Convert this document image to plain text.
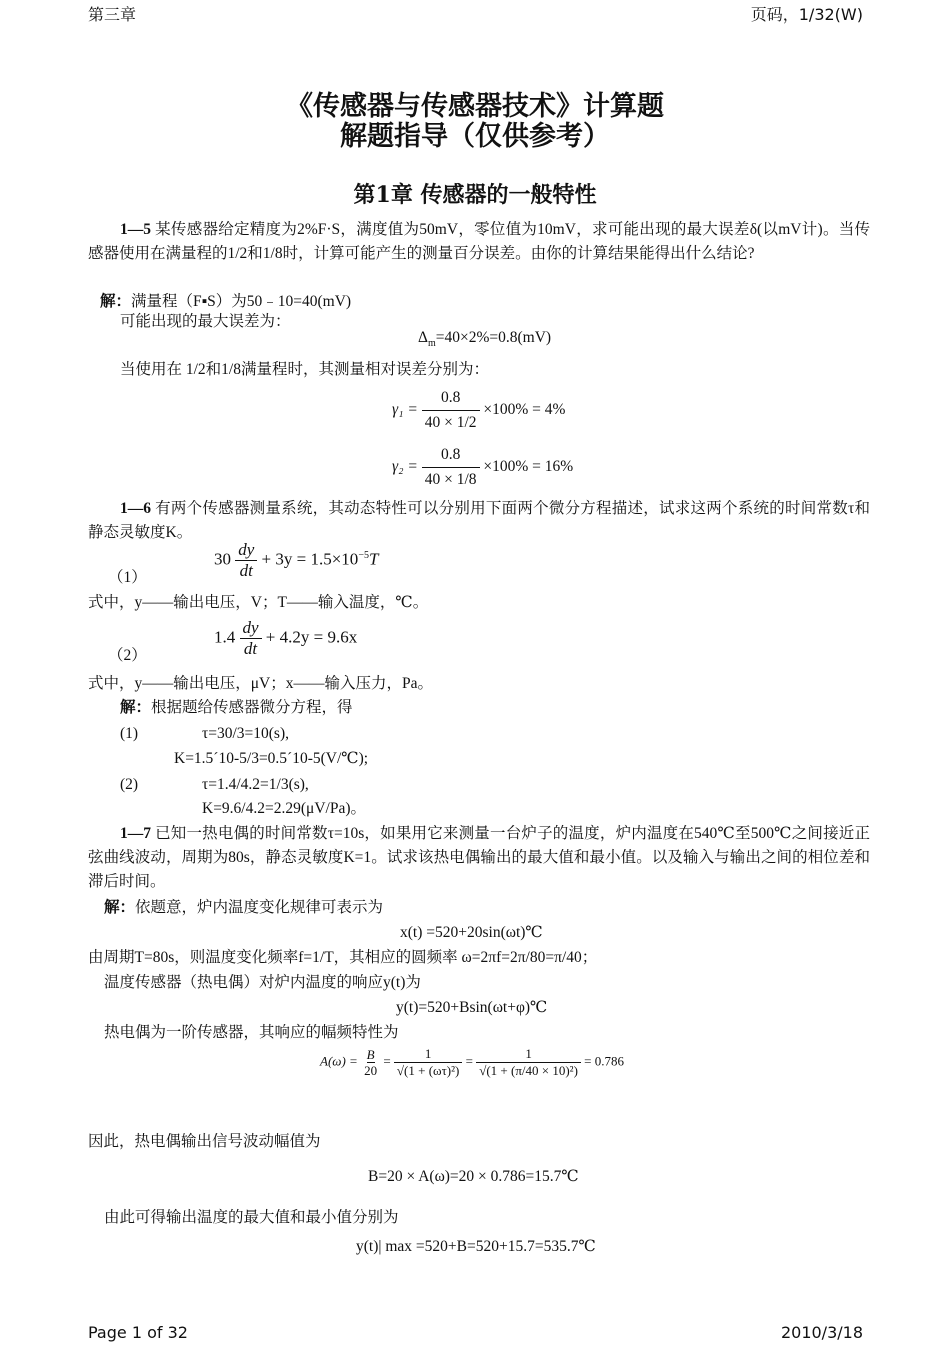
第三章	页码，1/32(W)
《传感器与传感器技术》计算题
解题指导（仅供参考）
第1章 传感器的一般特性
1—5 某传感器给定精度为2%F·S，满度值为50mV，零位值为10mV，求可能出现的最大误差δ(以mV计)。当传感器使用在满量程的1/2和1/8时，计算可能产生的测量百分误差。由你的计算结果能得出什么结论?
解：满量程（F▪S）为50﹣10=40(mV)
可能出现的最大误差为：
$\Delta_m=40\times 2\%=0.8(mV)$
当使用在 1/2和1/8满量程时，其测量相对误差分别为：
$\gamma_1 = \frac{0.8}{40 \times 1/2} \times 100\% = 4\%$
$\gamma_2 = \frac{0.8}{40 \times 1/8} \times 100\% = 16\%$
1—6 有两个传感器测量系统，其动态特性可以分别用下面两个微分方程描述，试求这两个系统的时间常数τ和静态灵敏度K。
（1）
$30 \frac{dy}{dt} + 3y = 1.5\times 10^{-5}T$
式中，y——输出电压，V；T——输入温度，℃。
（2）
$1.4 \frac{dy}{dt} + 4.2y = 9.6x$
式中，y——输出电压，μV；x——输入压力，Pa。
解：根据题给传感器微分方程，得
(1)	τ=30/3=10(s),
K=1.5´10-5/3=0.5´10-5(V/℃);
(2)	τ=1.4/4.2=1/3(s),
K=9.6/4.2=2.29(μV/Pa)。
1—7 已知一热电偶的时间常数τ=10s，如果用它来测量一台炉子的温度，炉内温度在540℃至500℃之间接近正弦曲线波动，周期为80s，静态灵敏度K=1。试求该热电偶输出的最大值和最小值。以及输入与输出之间的相位差和滞后时间。
解：依题意，炉内温度变化规律可表示为
x(t) =520+20sin(ωt)℃
由周期T=80s，则温度变化频率f=1/T，其相应的圆频率 ω=2πf=2π/80=π/40；
温度传感器（热电偶）对炉内温度的响应y(t)为
y(t)=520+Bsin(ωt+φ)℃
热电偶为一阶传感器，其响应的幅频特性为
$A(\omega) = \frac{B}{20} = \frac{1}{\text{√(1 + (ωτ)²)}} = \frac{1}{\text{√(1 + (π/40 × 10)²)}} = 0.786$
因此，热电偶输出信号波动幅值为
B=20 × A(ω)=20 × 0.786=15.7℃
由此可得输出温度的最大值和最小值分别为
y(t)| max =520+B=520+15.7=535.7℃
Page 1 of 32	2010/3/18
